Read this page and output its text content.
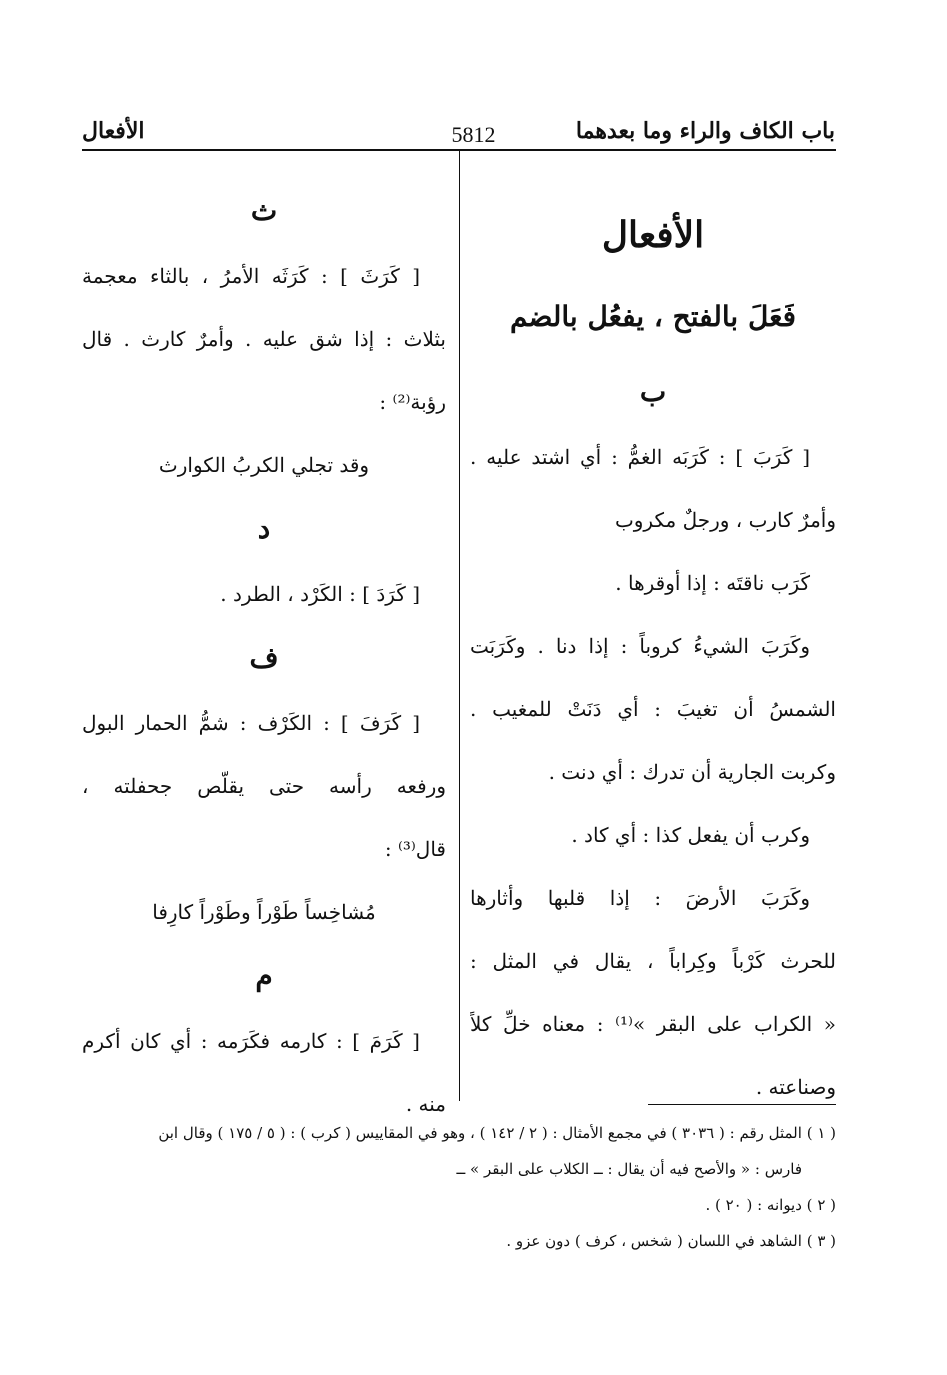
باب الكاف والراء وما بعدهما
5812
الأفعال
الأفعال
فَعَلَ بالفتح ، يفعُل بالضم
ب

[ كَرَبَ ] : كَرَبَه الغمُّ : أي اشتد عليه .

وأمرٌ كارب ، ورجلٌ مكروب

كَرَب ناقتَه : إذا أوقرها .

وكَرَبَ الشيءُ كروباً : إذا دنا . وكَرَبَت

الشمسُ أن تغيبَ : أي دَنَتْ للمغيب .

وكربت الجارية أن تدرك : أي دنت .

وكرب أن يفعل كذا : أي كاد .

وكَرَبَ الأرضَ : إذا قلبها وأثارها

للحرث كَرْباً وكِراباً ، يقال في المثل :

« الكراب على البقر »⁽¹⁾ : معناه خلِّ كلاً

وصناعته .

ث

[ كَرَثَ ] : كَرَثَه الأمرُ ، بالثاء معجمة

بثلاث : إذا شق عليه . وأمرٌ كارث . قال

رؤبة⁽²⁾ :

وقد تجلي الكربُ الكوارث

د

[ كَرَدَ ] : الكَرْد ، الطرد .

ف

[ كَرَفَ ] : الكَرْف : شمُّ الحمار البول

ورفعه رأسه حتى يقلّص جحفلته ،

قال⁽³⁾ :

مُشاخِساً طَوْراً وطَوْراً كارِفا

م

[ كَرَمَ ] : كارمه فكَرَمه : أي كان أكرم

منه .

( ١ ) المثل رقم : ( ٣٠٣٦ ) في مجمع الأمثال : ( ٢ / ١٤٢ ) ، وهو في المقاييس ( كرب ) : ( ٥ / ١٧٥ ) وقال ابن

فارس : « والأصح فيه أن يقال : ــ الكلاب على البقر » ــ

( ٢ ) ديوانه : ( ٢٠ ) .

( ٣ ) الشاهد في اللسان ( شخس ، كرف ) دون عزو .
